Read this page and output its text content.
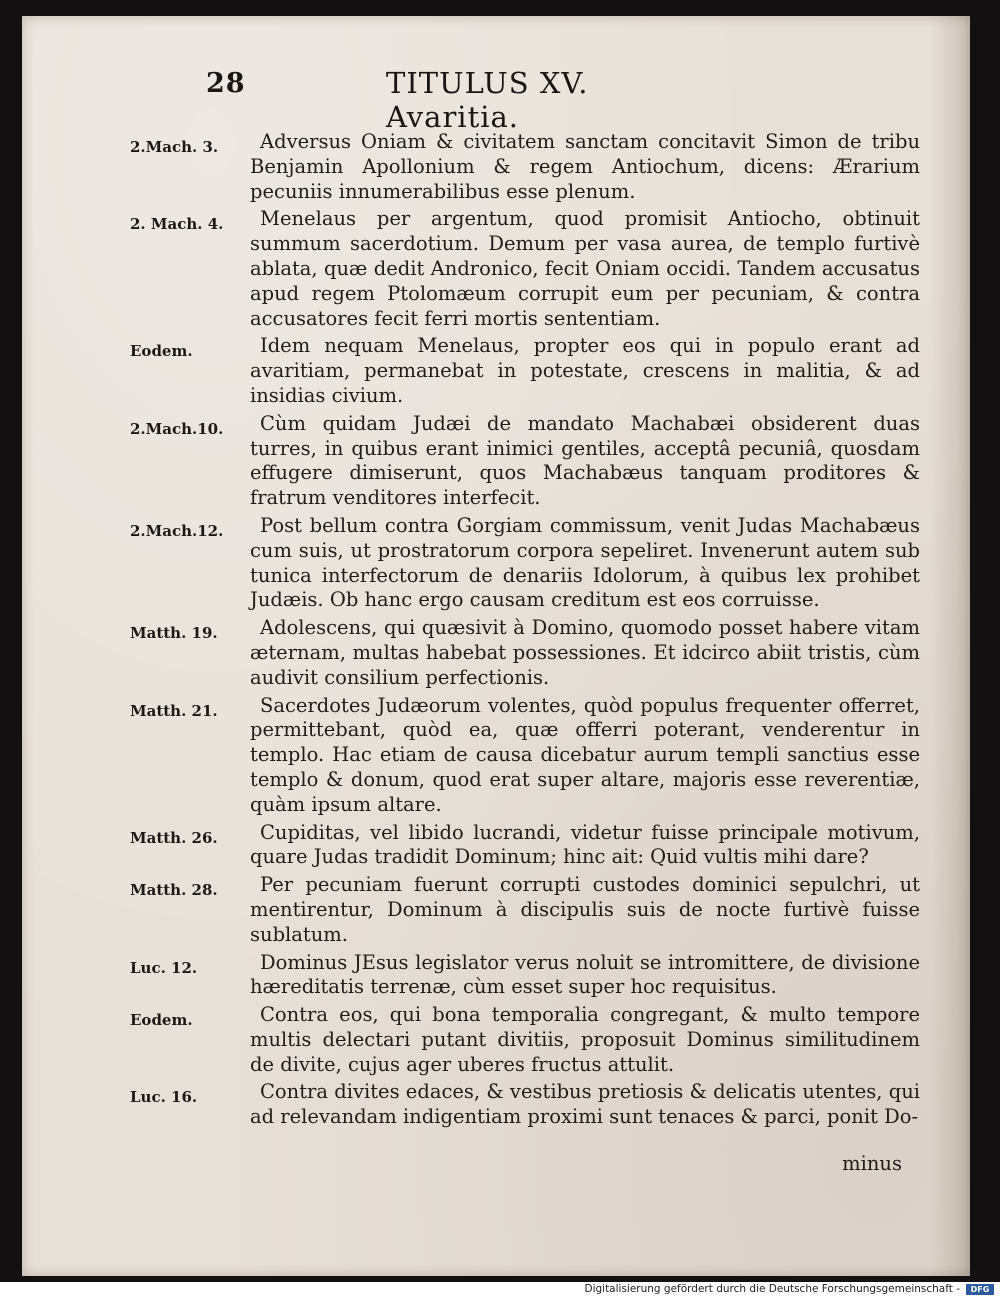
28	TITULUS XV. Avaritia.
2.Mach. 3.	Adversus Oniam & civitatem sanctam concitavit Simon de tribu Benjamin Apollonium & regem Antiochum, dicens: Ærarium pecuniis innumerabilibus esse plenum.
2. Mach. 4.	Menelaus per argentum, quod promisit Antiocho, obtinuit summum sacerdotium. Demum per vasa aurea, de templo furtivè ablata, quæ dedit Andronico, fecit Oniam occidi. Tandem accusatus apud regem Ptolomæum corrupit eum per pecuniam, & contra accusatores fecit ferri mortis sententiam.
Eodem.	Idem nequam Menelaus, propter eos qui in populo erant ad avaritiam, permanebat in potestate, crescens in malitia, & ad insidias civium.
2.Mach.10.	Cùm quidam Judæi de mandato Machabæi obsiderent duas turres, in quibus erant inimici gentiles, acceptâ pecuniâ, quosdam effugere dimiserunt, quos Machabæus tanquam proditores & fratrum venditores interfecit.
2.Mach.12.	Post bellum contra Gorgiam commissum, venit Judas Machabæus cum suis, ut prostratorum corpora sepeliret. Invenerunt autem sub tunica interfectorum de denariis Idolorum, à quibus lex prohibet Judæis. Ob hanc ergo causam creditum est eos corruisse.
Matth. 19.	Adolescens, qui quæsivit à Domino, quomodo posset habere vitam æternam, multas habebat possessiones. Et idcirco abiit tristis, cùm audivit consilium perfectionis.
Matth. 21.	Sacerdotes Judæorum volentes, quòd populus frequenter offerret, permittebant, quòd ea, quæ offerri poterant, venderentur in templo. Hac etiam de causa dicebatur aurum templi sanctius esse templo & donum, quod erat super altare, majoris esse reverentiæ, quàm ipsum altare.
Matth. 26.	Cupiditas, vel libido lucrandi, videtur fuisse principale motivum, quare Judas tradidit Dominum; hinc ait: Quid vultis mihi dare?
Matth. 28.	Per pecuniam fuerunt corrupti custodes dominici sepulchri, ut mentirentur, Dominum à discipulis suis de nocte furtivè fuisse sublatum.
Luc. 12.	Dominus JEsus legislator verus noluit se intromittere, de divisione hæreditatis terrenæ, cùm esset super hoc requisitus.
Eodem.	Contra eos, qui bona temporalia congregant, & multo tempore multis delectari putant divitiis, proposuit Dominus similitudinem de divite, cujus ager uberes fructus attulit.
Luc. 16.	Contra divites edaces, & vestibus pretiosis & delicatis utentes, qui ad relevandam indigentiam proximi sunt tenaces & parci, ponit Do-
minus
Digitalisierung gefördert durch die Deutsche Forschungsgemeinschaft -	DFG
